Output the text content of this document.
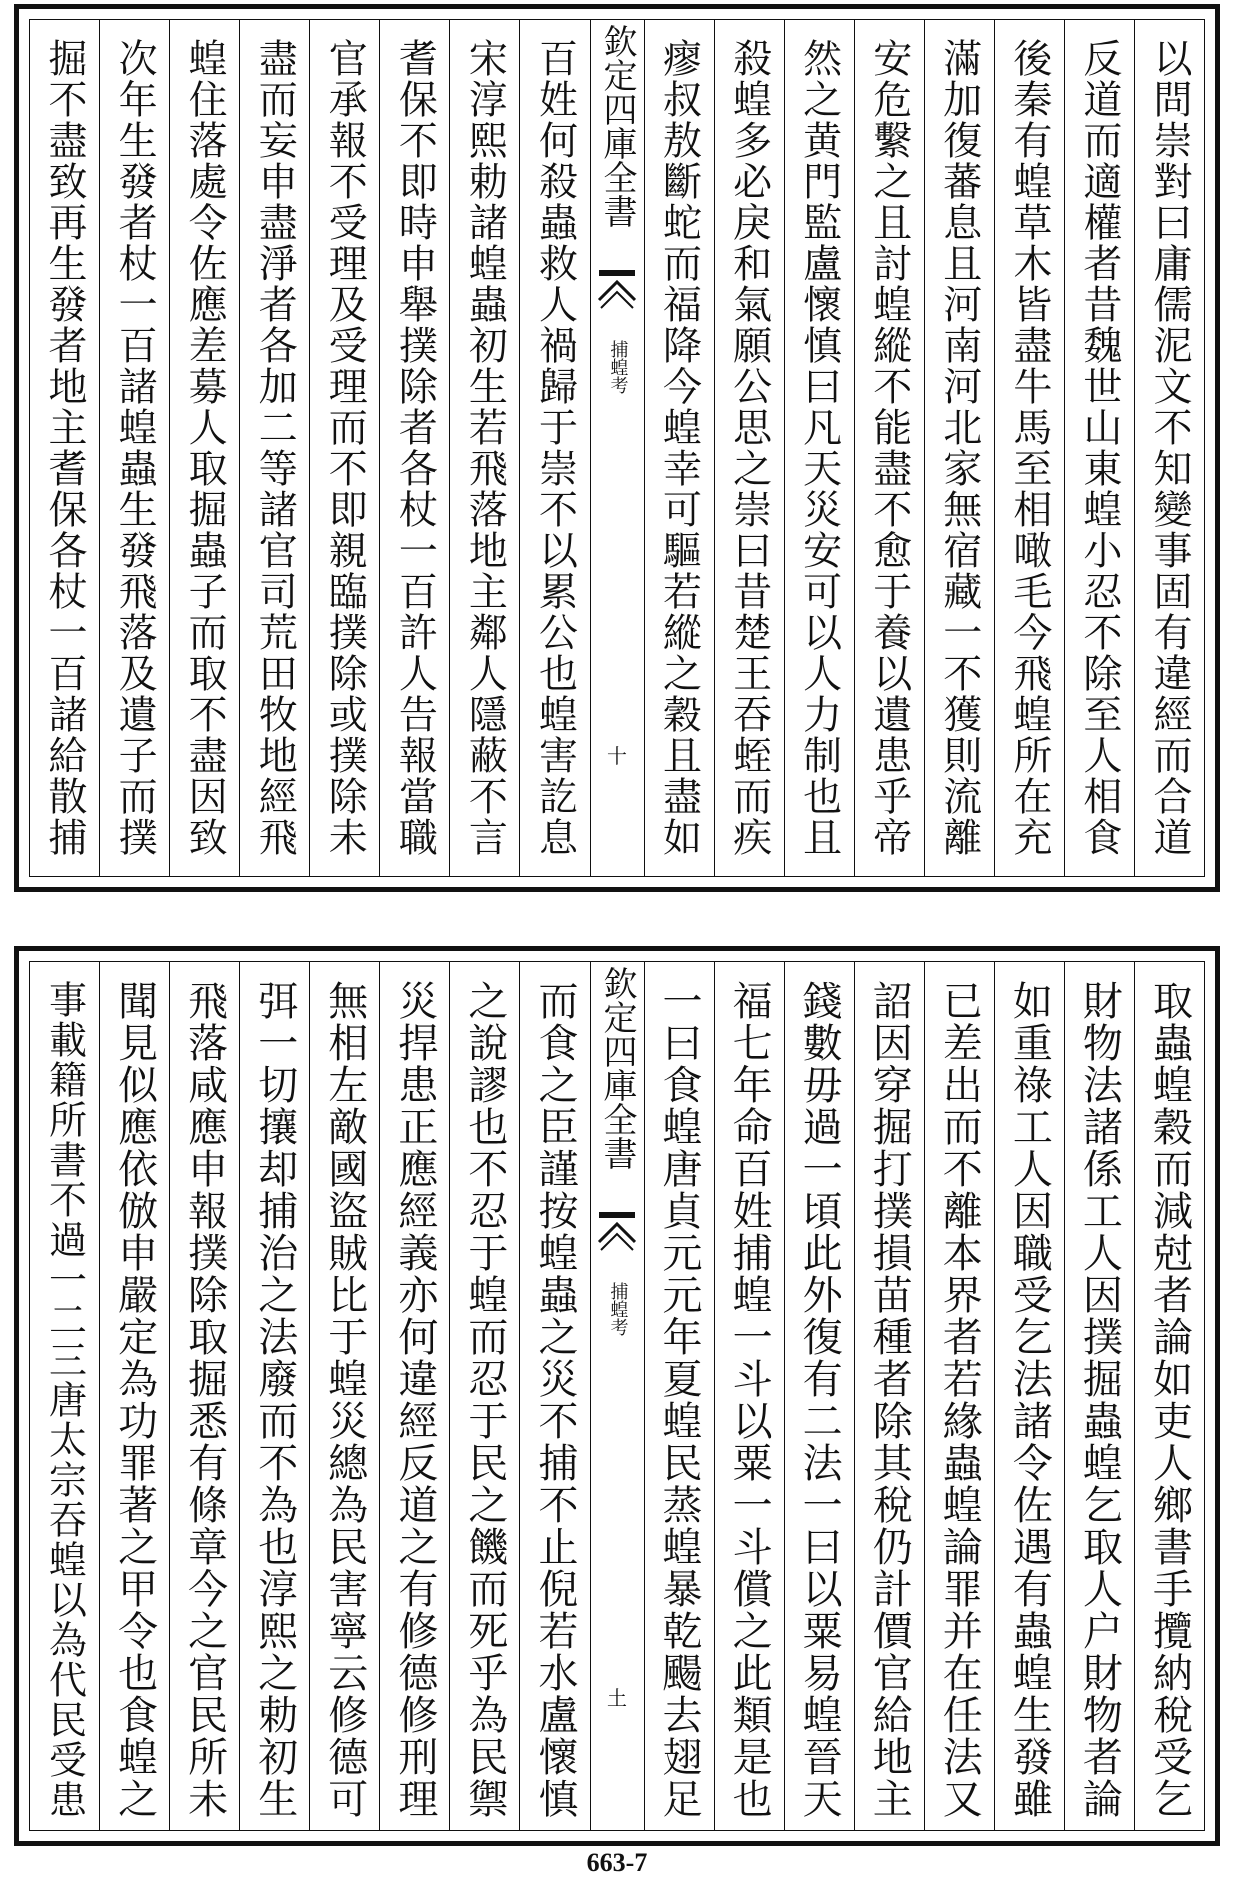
以問崇對曰庸儒泥文不知變事固有違經而合道
反道而適權者昔魏世山東蝗小忍不除至人相食
後秦有蝗草木皆盡牛馬至相噉毛今飛蝗所在充
滿加復蕃息且河南河北家無宿藏一不獲則流離
安危繫之且討蝗縱不能盡不愈于養以遺患乎帝
然之黄門監盧懷慎曰凡天災安可以人力制也且
殺蝗多必戾和氣願公思之崇曰昔楚王吞蛭而疾
瘳叔敖斷蛇而福降今蝗幸可驅若縱之穀且盡如
欽定四庫全書
捕蝗考
十
百姓何殺蟲救人禍歸于崇不以累公也蝗害訖息
宋淳熙勅諸蝗蟲初生若飛落地主鄰人隱蔽不言
耆保不即時申舉撲除者各杖一百許人告報當職
官承報不受理及受理而不即親臨撲除或撲除未
盡而妄申盡淨者各加二等諸官司荒田牧地經飛
蝗住落處令佐應差募人取掘蟲子而取不盡因致
次年生發者杖一百諸蝗蟲生發飛落及遺子而撲
掘不盡致再生發者地主耆保各杖一百諸給散捕
取蟲蝗穀而減尅者論如吏人鄉書手攬納稅受乞
財物法諸係工人因撲掘蟲蝗乞取人户財物者論
如重祿工人因職受乞法諸令佐遇有蟲蝗生發雖
已差出而不離本界者若緣蟲蝗論罪并在任法又
詔因穿掘打撲損苗種者除其稅仍計價官給地主
錢數毋過一頃此外復有二法一曰以粟易蝗晉天
福七年命百姓捕蝗一斗以粟一斗償之此類是也
一曰食蝗唐貞元元年夏蝗民蒸蝗暴乾颺去翅足
欽定四庫全書
捕蝗考
土
而食之臣謹按蝗蟲之災不捕不止倪若水盧懷慎
之說謬也不忍于蝗而忍于民之饑而死乎為民禦
災捍患正應經義亦何違經反道之有修德修刑理
無相左敵國盜賊比于蝗災總為民害寧云修德可
弭一切攘却捕治之法廢而不為也淳熙之勅初生
飛落咸應申報撲除取掘悉有條章今之官民所未
聞見似應依倣申嚴定為功罪著之甲令也食蝗之
事載籍所書不過一二三唐太宗吞蝗以為代民受患
663-7
